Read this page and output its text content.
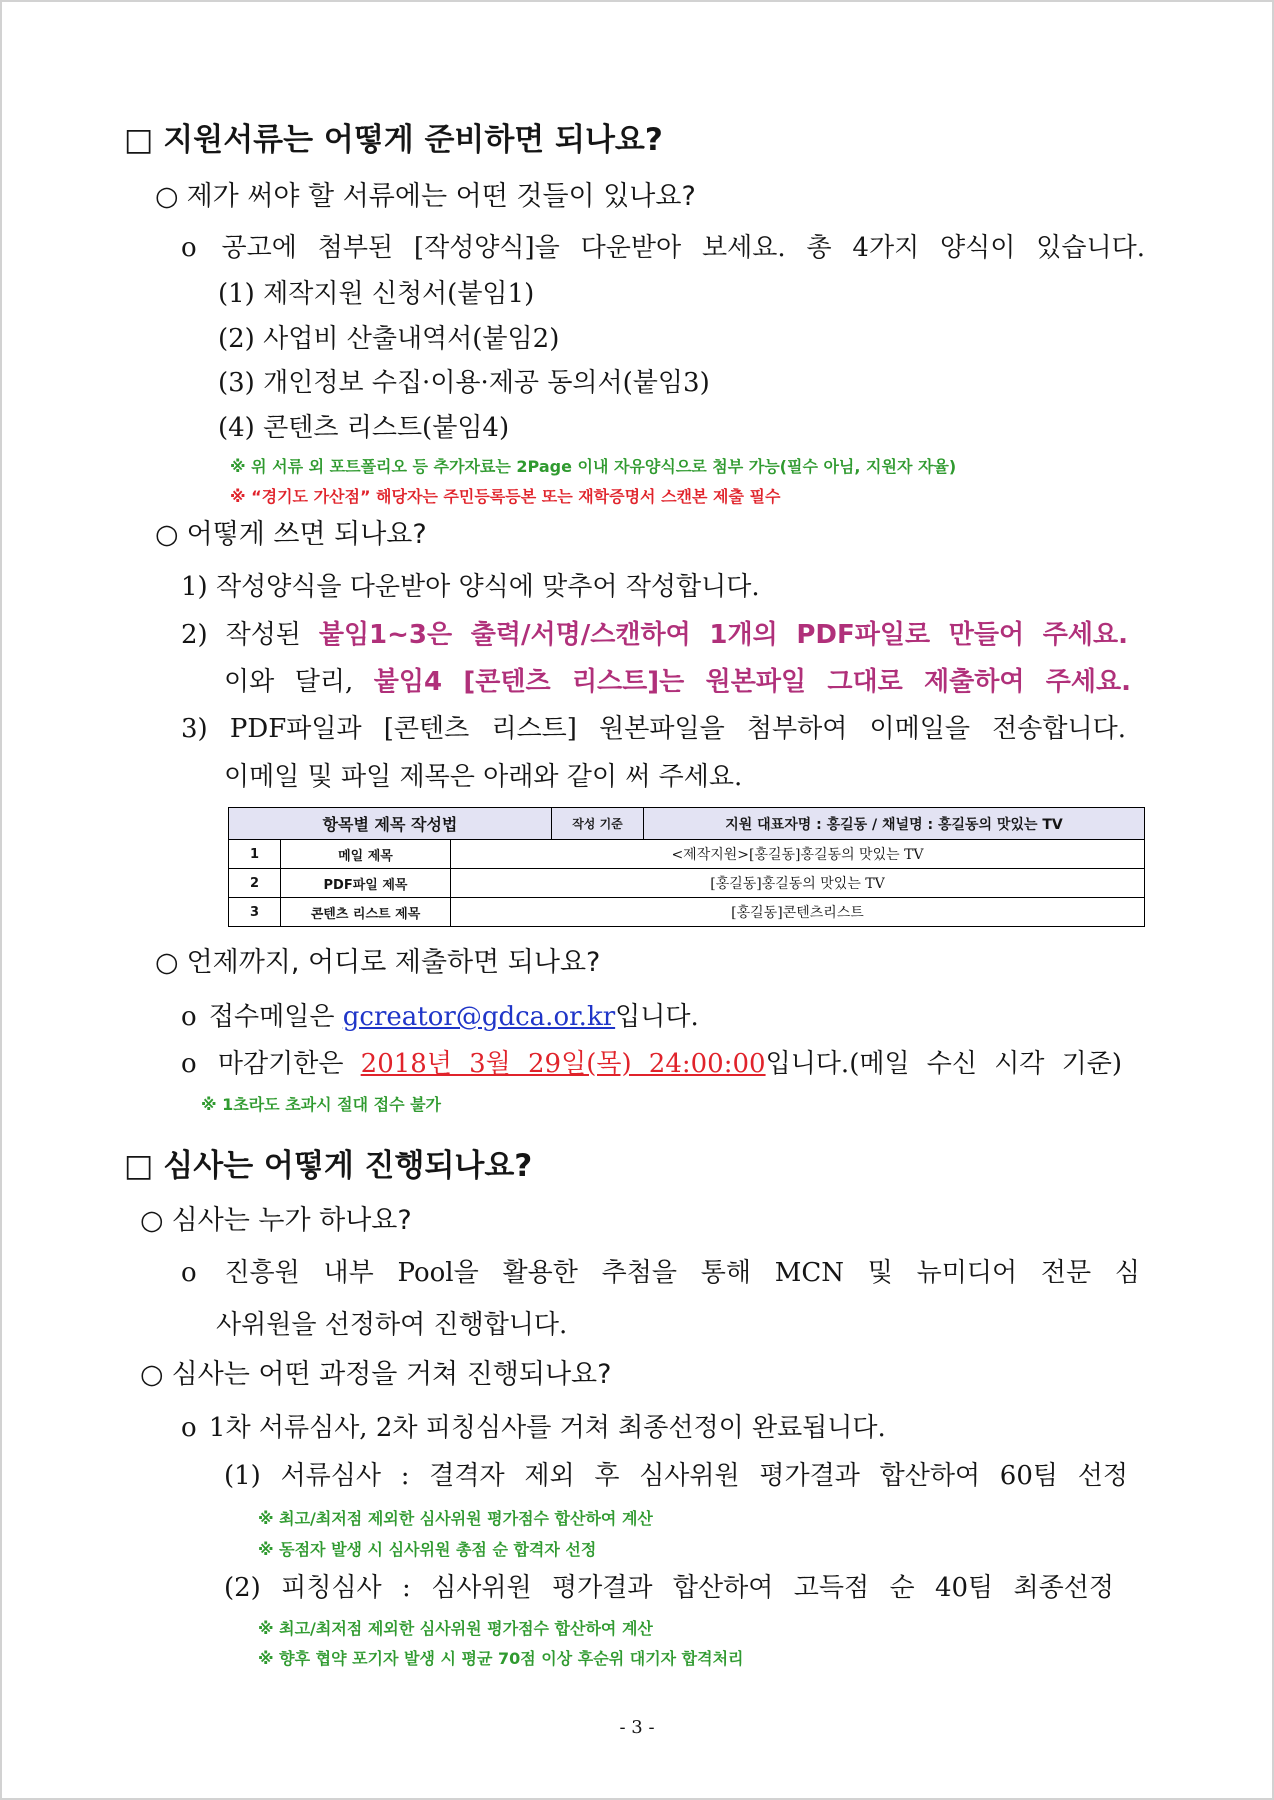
□ 지원서류는 어떻게 준비하면 되나요?
○ 제가 써야 할 서류에는 어떤 것들이 있나요?
o 공고에 첨부된 [작성양식]을 다운받아 보세요. 총 4가지 양식이 있습니다.
(1) 제작지원 신청서(붙임1)
(2) 사업비 산출내역서(붙임2)
(3) 개인정보 수집·이용·제공 동의서(붙임3)
(4) 콘텐츠 리스트(붙임4)
※ 위 서류 외 포트폴리오 등 추가자료는 2Page 이내 자유양식으로 첨부 가능(필수 아님, 지원자 자율)
※ “경기도 가산점” 해당자는 주민등록등본 또는 재학증명서 스캔본 제출 필수
○ 어떻게 쓰면 되나요?
1) 작성양식을 다운받아 양식에 맞추어 작성합니다.
2) 작성된 붙임1~3은 출력/서명/스캔하여 1개의 PDF파일로 만들어 주세요.
이와 달리, 붙임4 [콘텐츠 리스트]는 원본파일 그대로 제출하여 주세요.
3) PDF파일과 [콘텐츠 리스트] 원본파일을 첨부하여 이메일을 전송합니다.
이메일 및 파일 제목은 아래와 같이 써 주세요.
항목별 제목 작성법	작성 기준	지원 대표자명 : 홍길동 / 채널명 : 홍길동의 맛있는 TV
1	메일 제목	<제작지원>[홍길동]홍길동의 맛있는 TV
2	PDF파일 제목	[홍길동]홍길동의 맛있는 TV
3	콘텐츠 리스트 제목	[홍길동]콘텐츠리스트
○ 언제까지, 어디로 제출하면 되나요?
o 접수메일은 gcreator@gdca.or.kr입니다.
o 마감기한은 2018년 3월 29일(목) 24:00:00입니다.(메일 수신 시각 기준)
※ 1초라도 초과시 절대 접수 불가
□ 심사는 어떻게 진행되나요?
○ 심사는 누가 하나요?
o 진흥원 내부 Pool을 활용한 추첨을 통해 MCN 및 뉴미디어 전문 심
사위원을 선정하여 진행합니다.
○ 심사는 어떤 과정을 거쳐 진행되나요?
o 1차 서류심사, 2차 피칭심사를 거쳐 최종선정이 완료됩니다.
(1) 서류심사 : 결격자 제외 후 심사위원 평가결과 합산하여 60팀 선정
※ 최고/최저점 제외한 심사위원 평가점수 합산하여 계산
※ 동점자 발생 시 심사위원 총점 순 합격자 선정
(2) 피칭심사 : 심사위원 평가결과 합산하여 고득점 순 40팀 최종선정
※ 최고/최저점 제외한 심사위원 평가점수 합산하여 계산
※ 향후 협약 포기자 발생 시 평균 70점 이상 후순위 대기자 합격처리
- 3 -
